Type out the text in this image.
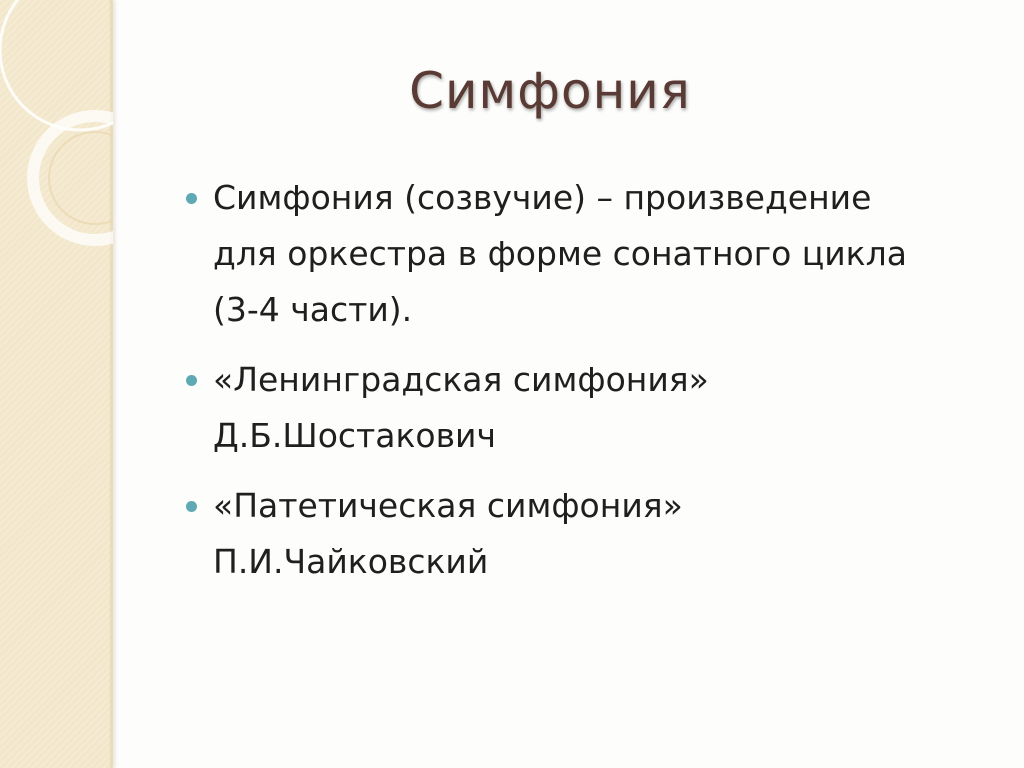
Симфония
Симфония (созвучие) – произведение
для оркестра в форме сонатного цикла
(3-4 части).
«Ленинградская симфония»
Д.Б.Шостакович
«Патетическая симфония»
П.И.Чайковский
